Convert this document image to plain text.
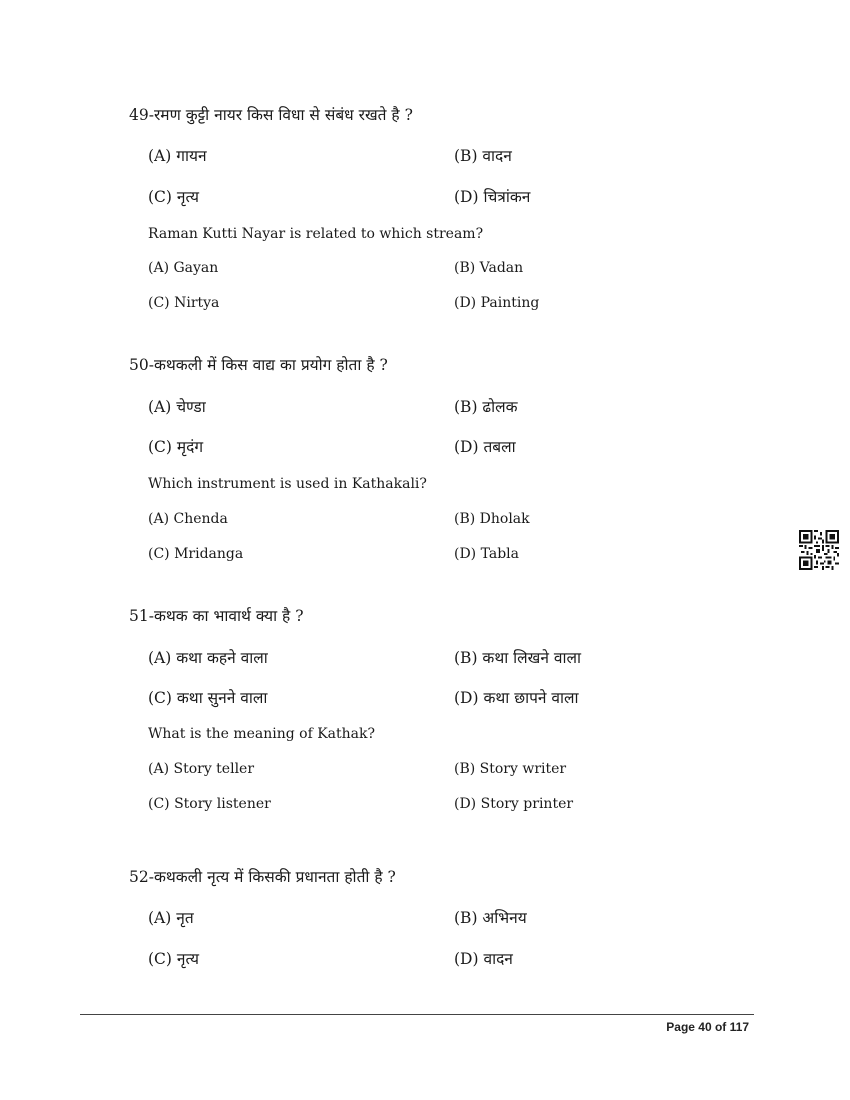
49-रमण कुट्टी नायर किस विधा से संबंध रखते है ?
(A) गायन	(B) वादन
(C) नृत्य	(D) चित्रांकन
Raman Kutti Nayar is related to which stream?
(A) Gayan	(B) Vadan
(C) Nirtya	(D) Painting
50-कथकली में किस वाद्य का प्रयोग होता है ?
(A) चेण्डा	(B) ढोलक
(C) मृदंग	(D) तबला
Which instrument is used in Kathakali?
(A) Chenda	(B) Dholak
(C) Mridanga	(D) Tabla
51-कथक का भावार्थ क्या है ?
(A) कथा कहने वाला	(B) कथा लिखने वाला
(C) कथा सुनने वाला	(D) कथा छापने वाला
What is the meaning of Kathak?
(A) Story teller	(B) Story writer
(C) Story listener	(D) Story printer
52-कथकली नृत्य में किसकी प्रधानता होती है ?
(A) नृत	(B) अभिनय
(C) नृत्य	(D) वादन
Page 40 of 117
